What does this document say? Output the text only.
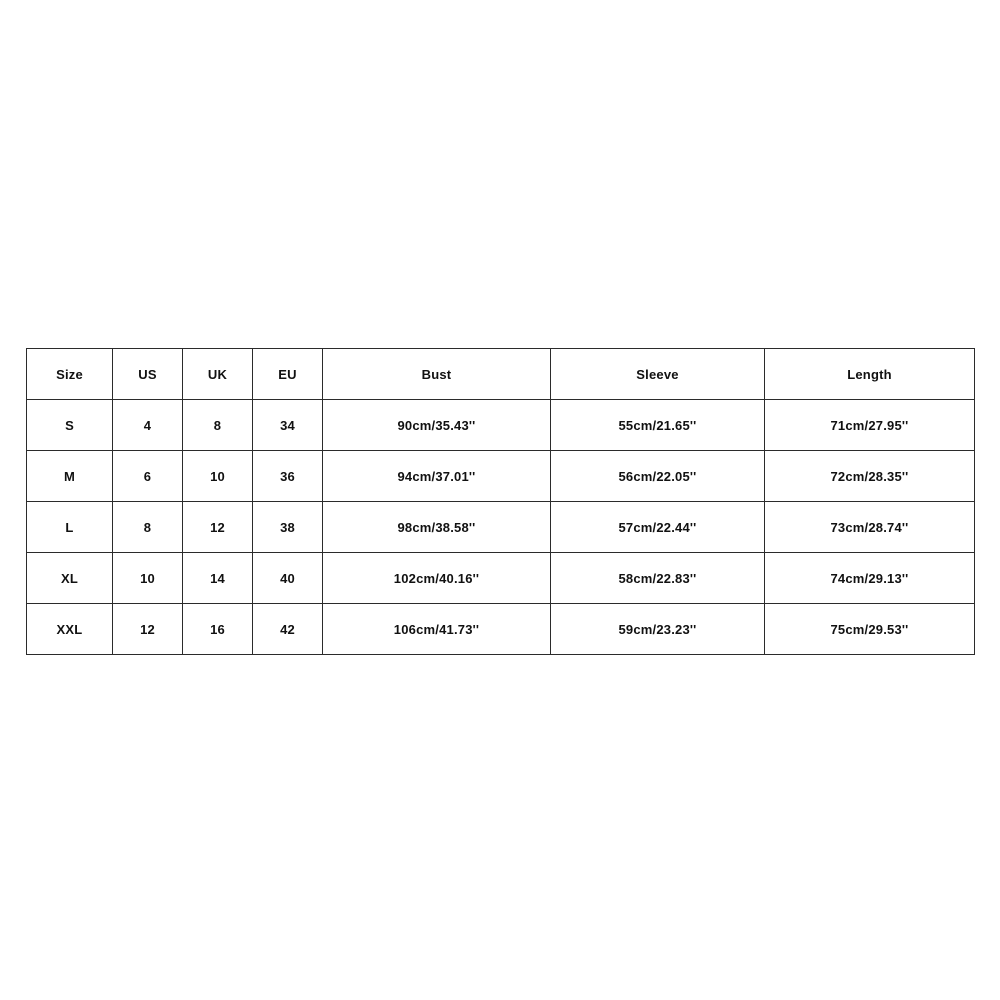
Size	US	UK	EU	Bust	Sleeve	Length
S	4	8	34	90cm/35.43''	55cm/21.65''	71cm/27.95''
M	6	10	36	94cm/37.01''	56cm/22.05''	72cm/28.35''
L	8	12	38	98cm/38.58''	57cm/22.44''	73cm/28.74''
XL	10	14	40	102cm/40.16''	58cm/22.83''	74cm/29.13''
XXL	12	16	42	106cm/41.73''	59cm/23.23''	75cm/29.53''
